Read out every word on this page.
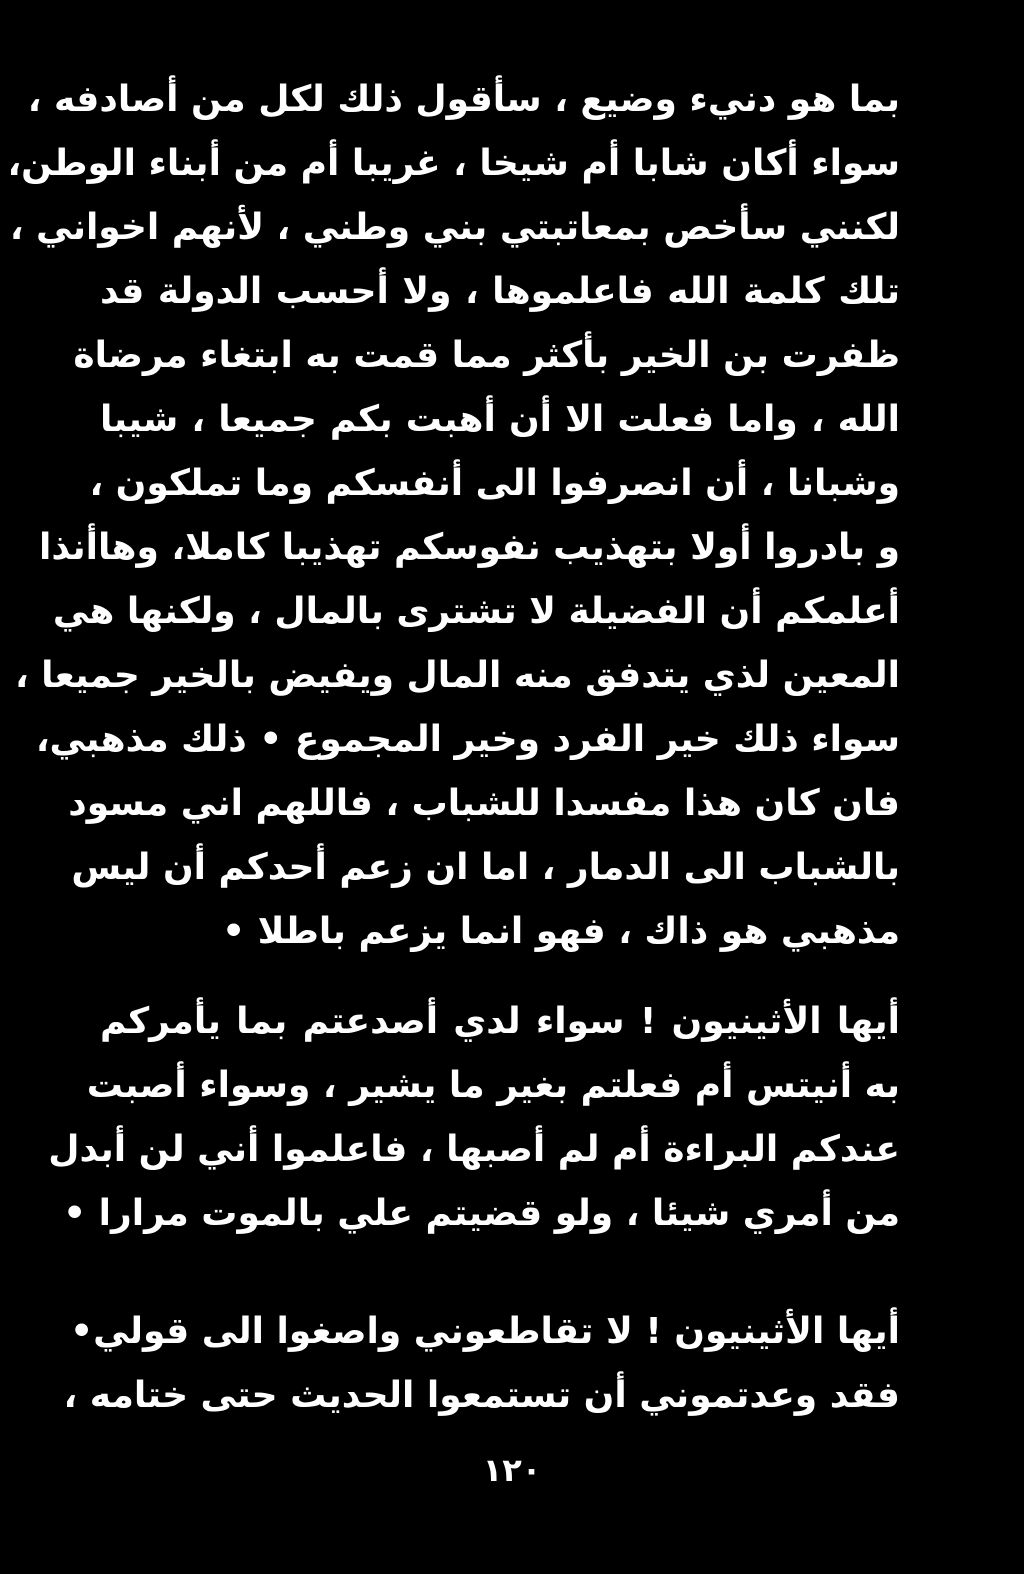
بما هو دنيء وضيع ، سأقول ذلك لكل من أصادفه ،
سواء أكان شابا أم شيخا ، غريبا أم من أبناء الوطن،
لكنني سأخص بمعاتبتي بني وطني ، لأنهم اخواني ،
تلك كلمة الله فاعلموها ، ولا أحسب الدولة قد
ظفرت بن الخير بأكثر مما قمت به ابتغاء مرضاة
الله ، واما فعلت الا أن أهبت بكم جميعا ، شيبا
وشبانا ، أن انصرفوا الى أنفسكم وما تملكون ،
و بادروا أولا بتهذيب نفوسكم تهذيبا كاملا، وهاأنذا
أعلمكم أن الفضيلة لا تشترى بالمال ، ولكنها هي
المعين لذي يتدفق منه المال ويفيض بالخير جميعا ،
سواء ذلك خير الفرد وخير المجموع • ذلك مذهبي،
فان كان هذا مفسدا للشباب ، فاللهم اني مسود
بالشباب الى الدمار ، اما ان زعم أحدكم أن ليس
مذهبي هو ذاك ، فهو انما يزعم باطلا •
أيها الأثينيون ! سواء لدي أصدعتم بما يأمركم
به أنيتس أم فعلتم بغير ما يشير ، وسواء أصبت
عندكم البراءة أم لم أصبها ، فاعلموا أني لن أبدل
من أمري شيئا ، ولو قضيتم علي بالموت مرارا •
أيها الأثينيون ! لا تقاطعوني واصغوا الى قولي•
فقد وعدتموني أن تستمعوا الحديث حتى ختامه ،
١٢٠
